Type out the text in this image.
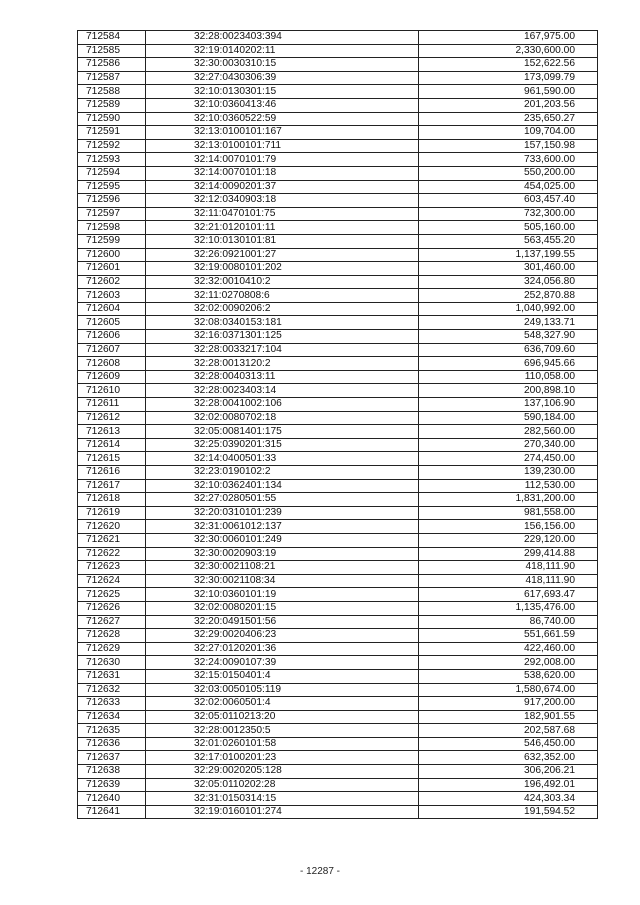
712584	32:28:0023403:394	167,975.00
712585	32:19:0140202:11	2,330,600.00
712586	32:30:0030310:15	152,622.56
712587	32:27:0430306:39	173,099.79
712588	32:10:0130301:15	961,590.00
712589	32:10:0360413:46	201,203.56
712590	32:10:0360522:59	235,650.27
712591	32:13:0100101:167	109,704.00
712592	32:13:0100101:711	157,150.98
712593	32:14:0070101:79	733,600.00
712594	32:14:0070101:18	550,200.00
712595	32:14:0090201:37	454,025.00
712596	32:12:0340903:18	603,457.40
712597	32:11:0470101:75	732,300.00
712598	32:21:0120101:11	505,160.00
712599	32:10:0130101:81	563,455.20
712600	32:26:0921001:27	1,137,199.55
712601	32:19:0080101:202	301,460.00
712602	32:32:0010410:2	324,056.80
712603	32:11:0270808:6	252,870.88
712604	32:02:0090206:2	1,040,992.00
712605	32:08:0340153:181	249,133.71
712606	32:16:0371301:125	548,327.90
712607	32:28:0033217:104	636,709.60
712608	32:28:0013120:2	696,945.66
712609	32:28:0040313:11	110,058.00
712610	32:28:0023403:14	200,898.10
712611	32:28:0041002:106	137,106.90
712612	32:02:0080702:18	590,184.00
712613	32:05:0081401:175	282,560.00
712614	32:25:0390201:315	270,340.00
712615	32:14:0400501:33	274,450.00
712616	32:23:0190102:2	139,230.00
712617	32:10:0362401:134	112,530.00
712618	32:27:0280501:55	1,831,200.00
712619	32:20:0310101:239	981,558.00
712620	32:31:0061012:137	156,156.00
712621	32:30:0060101:249	229,120.00
712622	32:30:0020903:19	299,414.88
712623	32:30:0021108:21	418,111.90
712624	32:30:0021108:34	418,111.90
712625	32:10:0360101:19	617,693.47
712626	32:02:0080201:15	1,135,476.00
712627	32:20:0491501:56	86,740.00
712628	32:29:0020406:23	551,661.59
712629	32:27:0120201:36	422,460.00
712630	32:24:0090107:39	292,008.00
712631	32:15:0150401:4	538,620.00
712632	32:03:0050105:119	1,580,674.00
712633	32:02:0060501:4	917,200.00
712634	32:05:0110213:20	182,901.55
712635	32:28:0012350:5	202,587.68
712636	32:01:0260101:58	546,450.00
712637	32:17:0100201:23	632,352.00
712638	32:29:0020205:128	306,206.21
712639	32:05:0110202:28	196,492.01
712640	32:31:0150314:15	424,303.34
712641	32:19:0160101:274	191,594.52
- 12287 -
